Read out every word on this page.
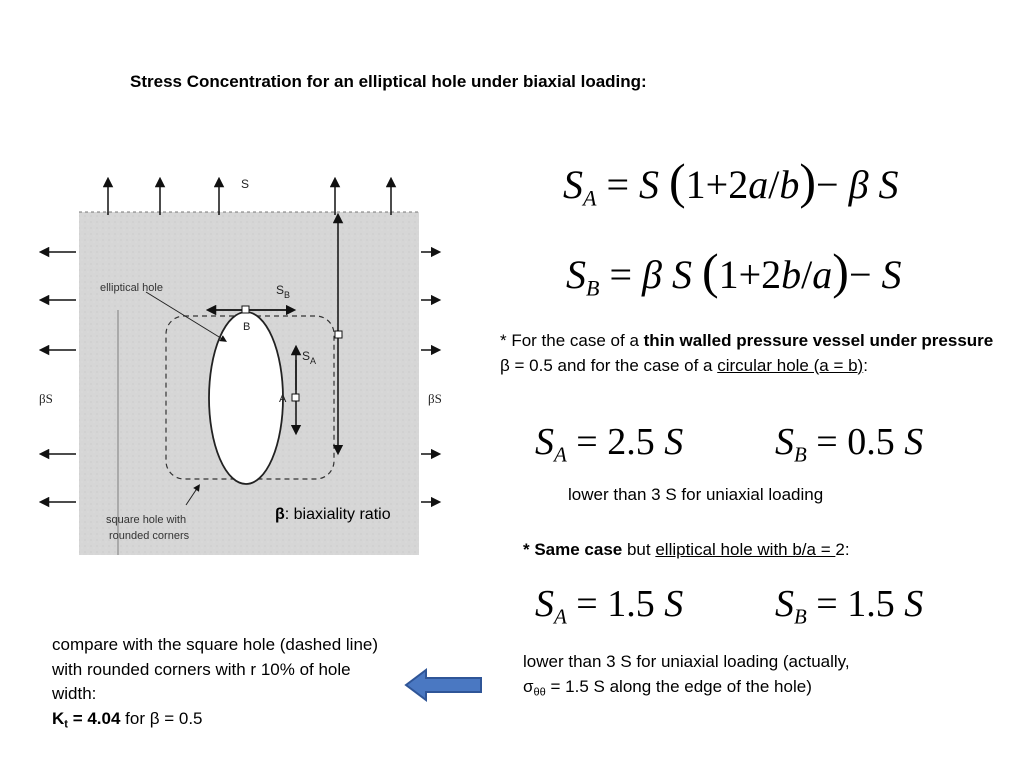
Stress Concentration for an elliptical hole under biaxial loading:
S
elliptical hole	$S_B$
B
$S_A$
A
βS	βS
square hole with
rounded corners
β: biaxiality ratio
$S_A = S$ (1+2a/b)− β S
$S_B = \beta$ S (1+2b/a)− S
* For the case of a thin walled pressure vessel under pressure β = 0.5 and for the case of a circular hole (a = b):
$S_A = 2.5$ S $S_B = 0.5$ S
lower than 3 S for uniaxial loading
* Same case but elliptical hole with b/a = 2:
$S_A = 1.5$ S $S_B = 1.5$ S
lower than 3 S for uniaxial loading (actually,
$\sigma_{\theta\theta} = 1.5$ S along the edge of the hole)
compare with the square hole (dashed line) with rounded corners with r 10% of hole width:
$K_t = 4.04$ for β = 0.5
